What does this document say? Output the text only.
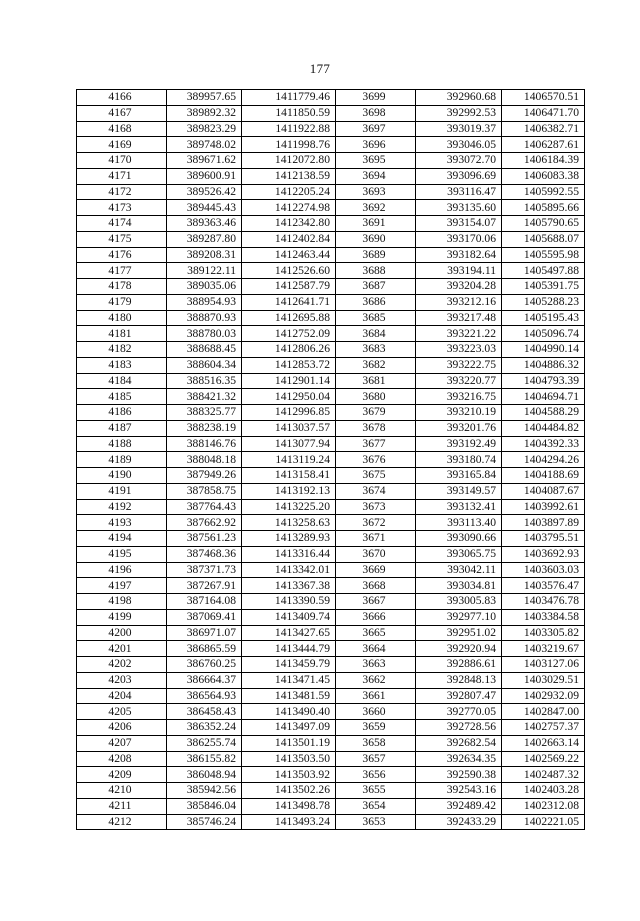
177
4166	389957.65	1411779.46	3699	392960.68	1406570.51
4167	389892.32	1411850.59	3698	392992.53	1406471.70
4168	389823.29	1411922.88	3697	393019.37	1406382.71
4169	389748.02	1411998.76	3696	393046.05	1406287.61
4170	389671.62	1412072.80	3695	393072.70	1406184.39
4171	389600.91	1412138.59	3694	393096.69	1406083.38
4172	389526.42	1412205.24	3693	393116.47	1405992.55
4173	389445.43	1412274.98	3692	393135.60	1405895.66
4174	389363.46	1412342.80	3691	393154.07	1405790.65
4175	389287.80	1412402.84	3690	393170.06	1405688.07
4176	389208.31	1412463.44	3689	393182.64	1405595.98
4177	389122.11	1412526.60	3688	393194.11	1405497.88
4178	389035.06	1412587.79	3687	393204.28	1405391.75
4179	388954.93	1412641.71	3686	393212.16	1405288.23
4180	388870.93	1412695.88	3685	393217.48	1405195.43
4181	388780.03	1412752.09	3684	393221.22	1405096.74
4182	388688.45	1412806.26	3683	393223.03	1404990.14
4183	388604.34	1412853.72	3682	393222.75	1404886.32
4184	388516.35	1412901.14	3681	393220.77	1404793.39
4185	388421.32	1412950.04	3680	393216.75	1404694.71
4186	388325.77	1412996.85	3679	393210.19	1404588.29
4187	388238.19	1413037.57	3678	393201.76	1404484.82
4188	388146.76	1413077.94	3677	393192.49	1404392.33
4189	388048.18	1413119.24	3676	393180.74	1404294.26
4190	387949.26	1413158.41	3675	393165.84	1404188.69
4191	387858.75	1413192.13	3674	393149.57	1404087.67
4192	387764.43	1413225.20	3673	393132.41	1403992.61
4193	387662.92	1413258.63	3672	393113.40	1403897.89
4194	387561.23	1413289.93	3671	393090.66	1403795.51
4195	387468.36	1413316.44	3670	393065.75	1403692.93
4196	387371.73	1413342.01	3669	393042.11	1403603.03
4197	387267.91	1413367.38	3668	393034.81	1403576.47
4198	387164.08	1413390.59	3667	393005.83	1403476.78
4199	387069.41	1413409.74	3666	392977.10	1403384.58
4200	386971.07	1413427.65	3665	392951.02	1403305.82
4201	386865.59	1413444.79	3664	392920.94	1403219.67
4202	386760.25	1413459.79	3663	392886.61	1403127.06
4203	386664.37	1413471.45	3662	392848.13	1403029.51
4204	386564.93	1413481.59	3661	392807.47	1402932.09
4205	386458.43	1413490.40	3660	392770.05	1402847.00
4206	386352.24	1413497.09	3659	392728.56	1402757.37
4207	386255.74	1413501.19	3658	392682.54	1402663.14
4208	386155.82	1413503.50	3657	392634.35	1402569.22
4209	386048.94	1413503.92	3656	392590.38	1402487.32
4210	385942.56	1413502.26	3655	392543.16	1402403.28
4211	385846.04	1413498.78	3654	392489.42	1402312.08
4212	385746.24	1413493.24	3653	392433.29	1402221.05
